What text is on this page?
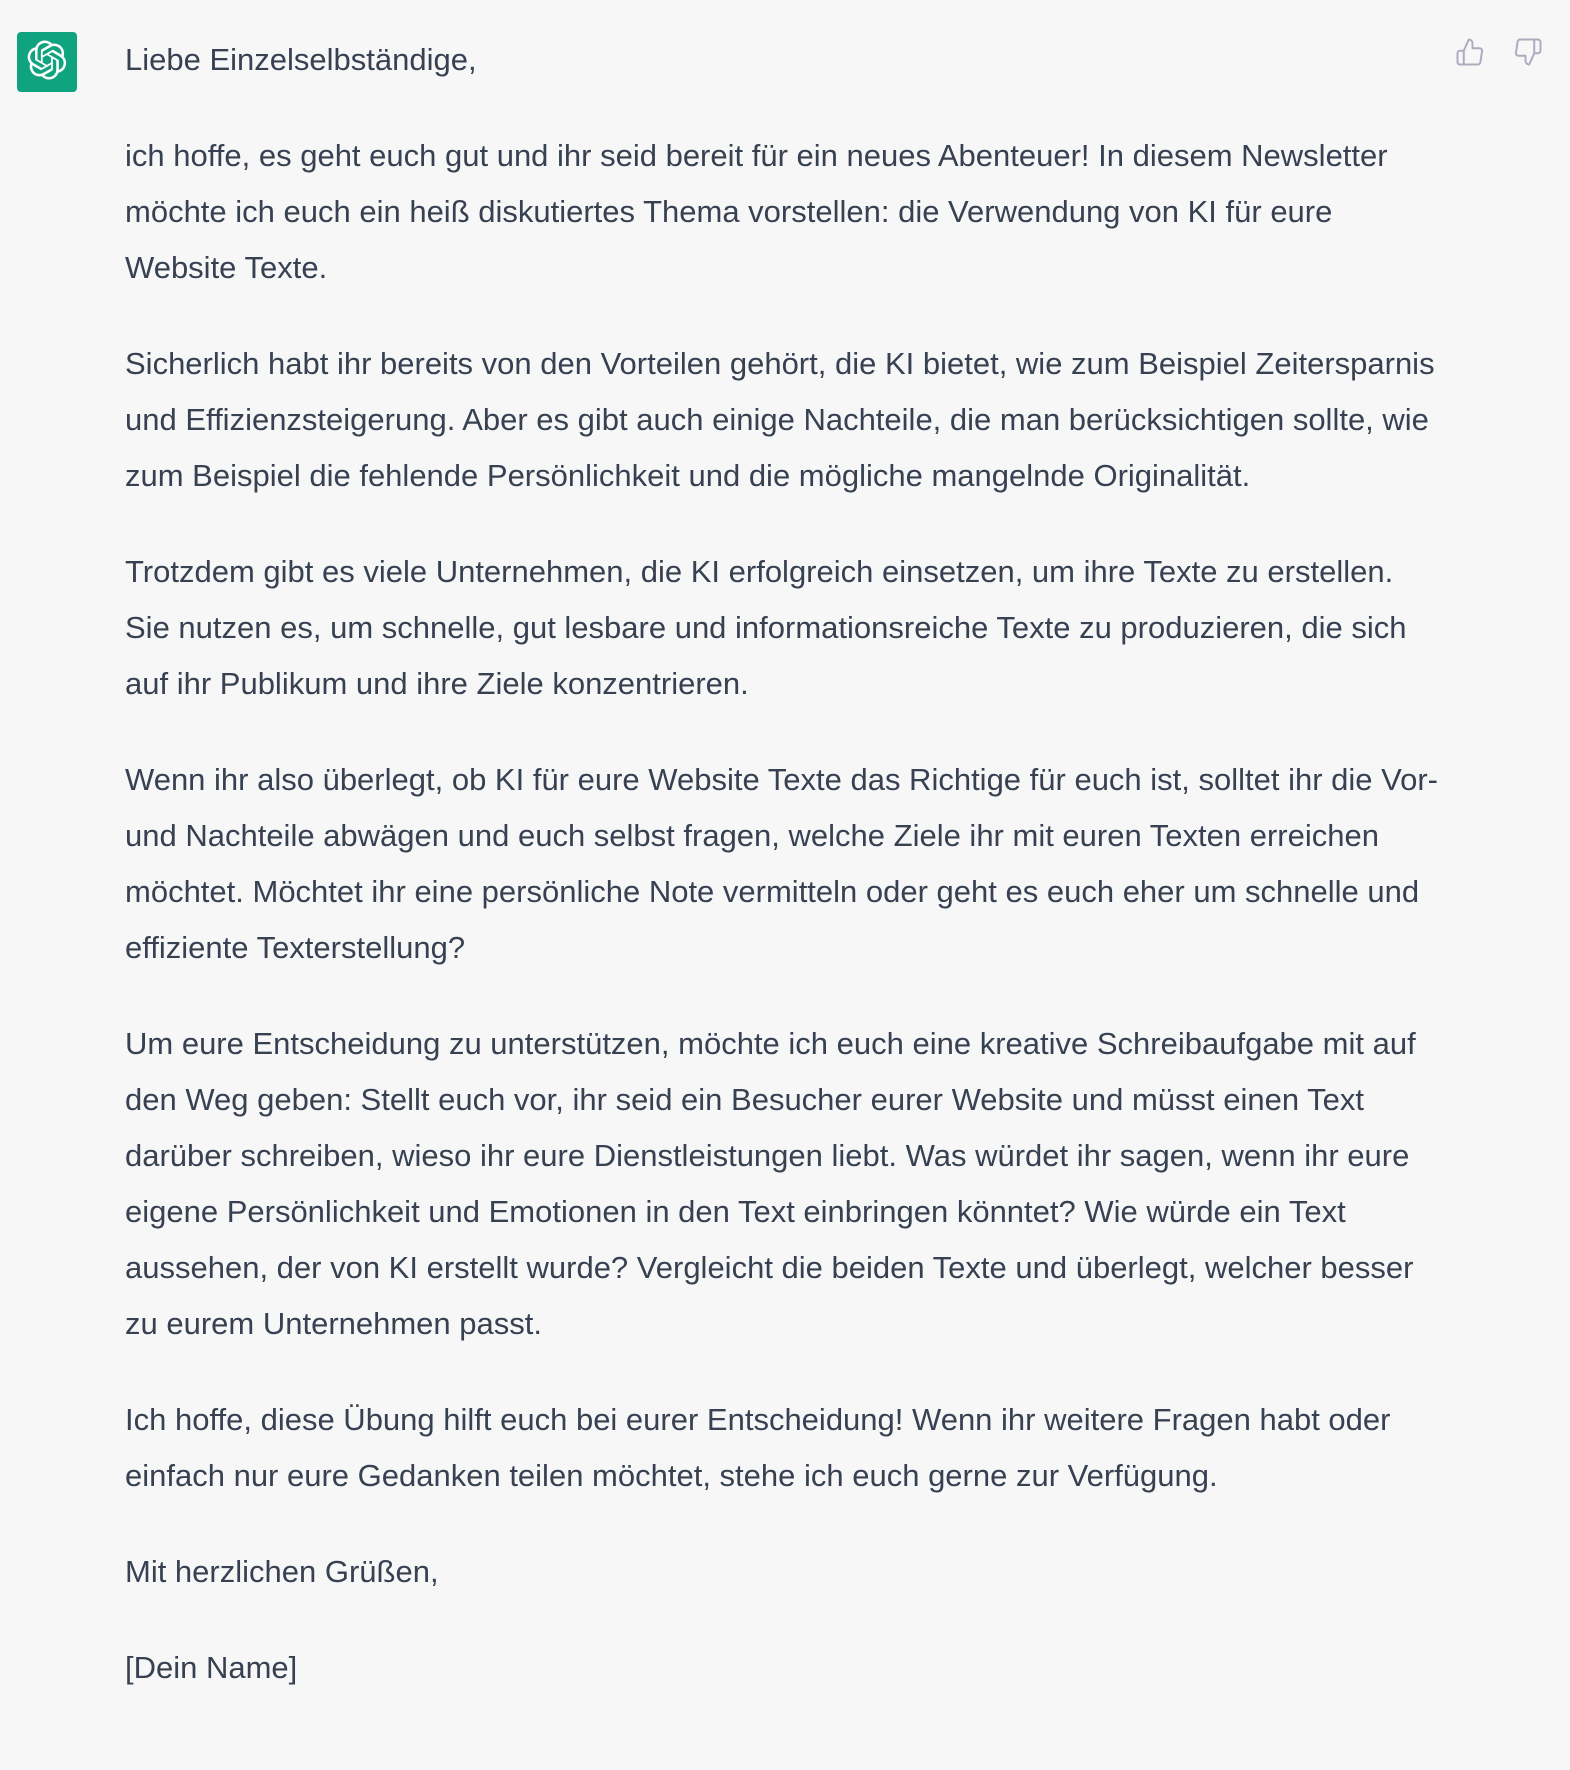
Liebe Einzelselbständige,

ich hoffe, es geht euch gut und ihr seid bereit für ein neues Abenteuer! In diesem Newsletter möchte ich euch ein heiß diskutiertes Thema vorstellen: die Verwendung von KI für eure Website Texte.

Sicherlich habt ihr bereits von den Vorteilen gehört, die KI bietet, wie zum Beispiel Zeitersparnis und Effizienzsteigerung. Aber es gibt auch einige Nachteile, die man berücksichtigen sollte, wie zum Beispiel die fehlende Persönlichkeit und die mögliche mangelnde Originalität.

Trotzdem gibt es viele Unternehmen, die KI erfolgreich einsetzen, um ihre Texte zu erstellen. Sie nutzen es, um schnelle, gut lesbare und informationsreiche Texte zu produzieren, die sich auf ihr Publikum und ihre Ziele konzentrieren.

Wenn ihr also überlegt, ob KI für eure Website Texte das Richtige für euch ist, solltet ihr die Vor- und Nachteile abwägen und euch selbst fragen, welche Ziele ihr mit euren Texten erreichen möchtet. Möchtet ihr eine persönliche Note vermitteln oder geht es euch eher um schnelle und effiziente Texterstellung?

Um eure Entscheidung zu unterstützen, möchte ich euch eine kreative Schreibaufgabe mit auf den Weg geben: Stellt euch vor, ihr seid ein Besucher eurer Website und müsst einen Text darüber schreiben, wieso ihr eure Dienstleistungen liebt. Was würdet ihr sagen, wenn ihr eure eigene Persönlichkeit und Emotionen in den Text einbringen könntet? Wie würde ein Text aussehen, der von KI erstellt wurde? Vergleicht die beiden Texte und überlegt, welcher besser zu eurem Unternehmen passt.

Ich hoffe, diese Übung hilft euch bei eurer Entscheidung! Wenn ihr weitere Fragen habt oder einfach nur eure Gedanken teilen möchtet, stehe ich euch gerne zur Verfügung.

Mit herzlichen Grüßen,

[Dein Name]
